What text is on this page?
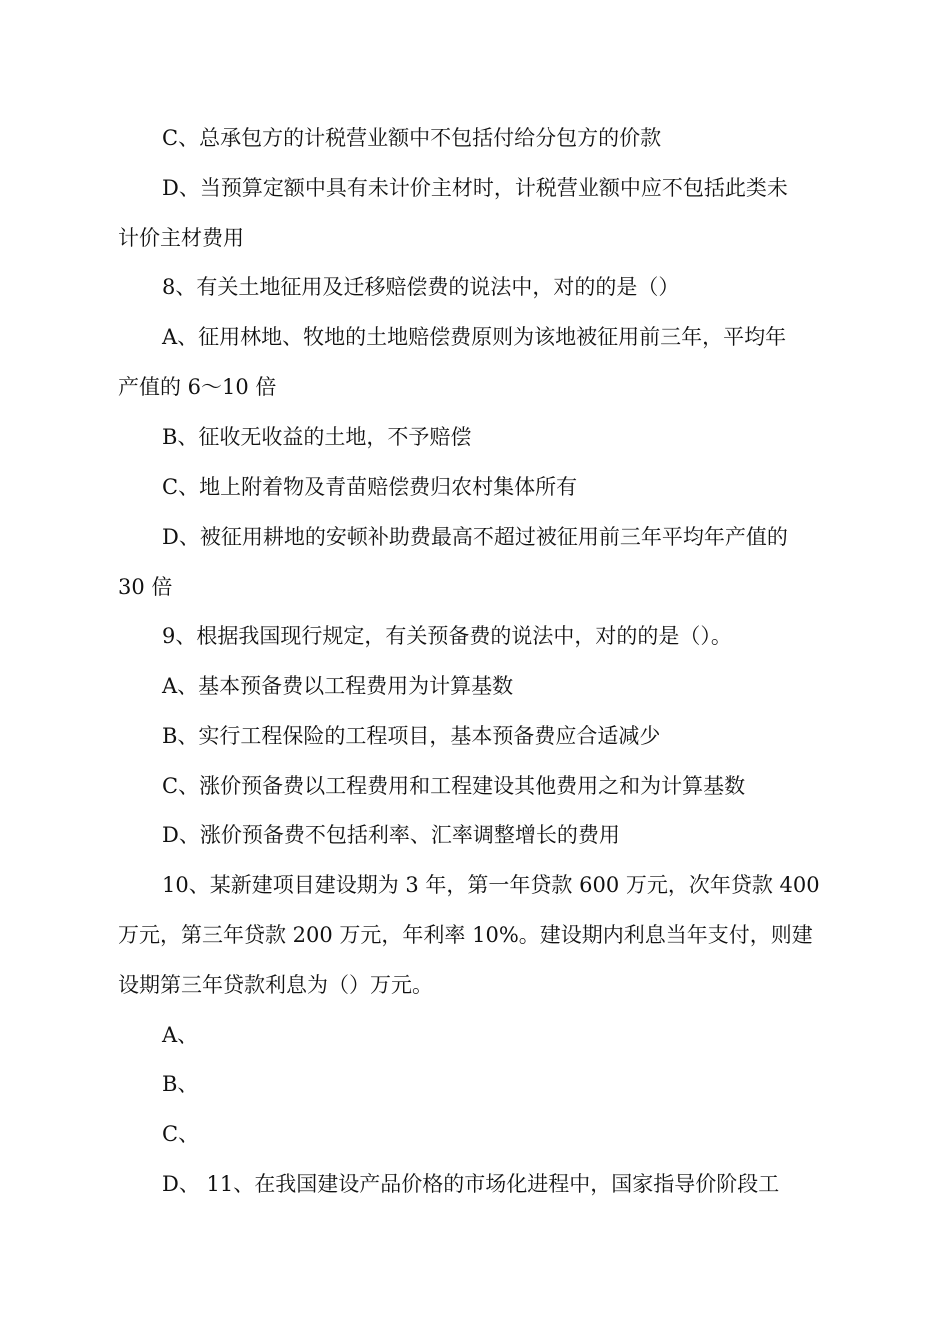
C、总承包方的计税营业额中不包括付给分包方的价款
D、当预算定额中具有未计价主材时，计税营业额中应不包括此类未
计价主材费用
8、有关土地征用及迁移赔偿费的说法中，对的的是（）
A、征用林地、牧地的土地赔偿费原则为该地被征用前三年，平均年
产值的 6～10 倍
B、征收无收益的土地，不予赔偿
C、地上附着物及青苗赔偿费归农村集体所有
D、被征用耕地的安顿补助费最高不超过被征用前三年平均年产值的
30 倍
9、根据我国现行规定，有关预备费的说法中，对的的是（）。
A、基本预备费以工程费用为计算基数
B、实行工程保险的工程项目，基本预备费应合适减少
C、涨价预备费以工程费用和工程建设其他费用之和为计算基数
D、涨价预备费不包括利率、汇率调整增长的费用
10、某新建项目建设期为 3 年，第一年贷款 600 万元，次年贷款 400
万元，第三年贷款 200 万元，年利率 10%。建设期内利息当年支付，则建
设期第三年贷款利息为（）万元。
A、
B、
C、
D、 11、在我国建设产品价格的市场化进程中，国家指导价阶段工
